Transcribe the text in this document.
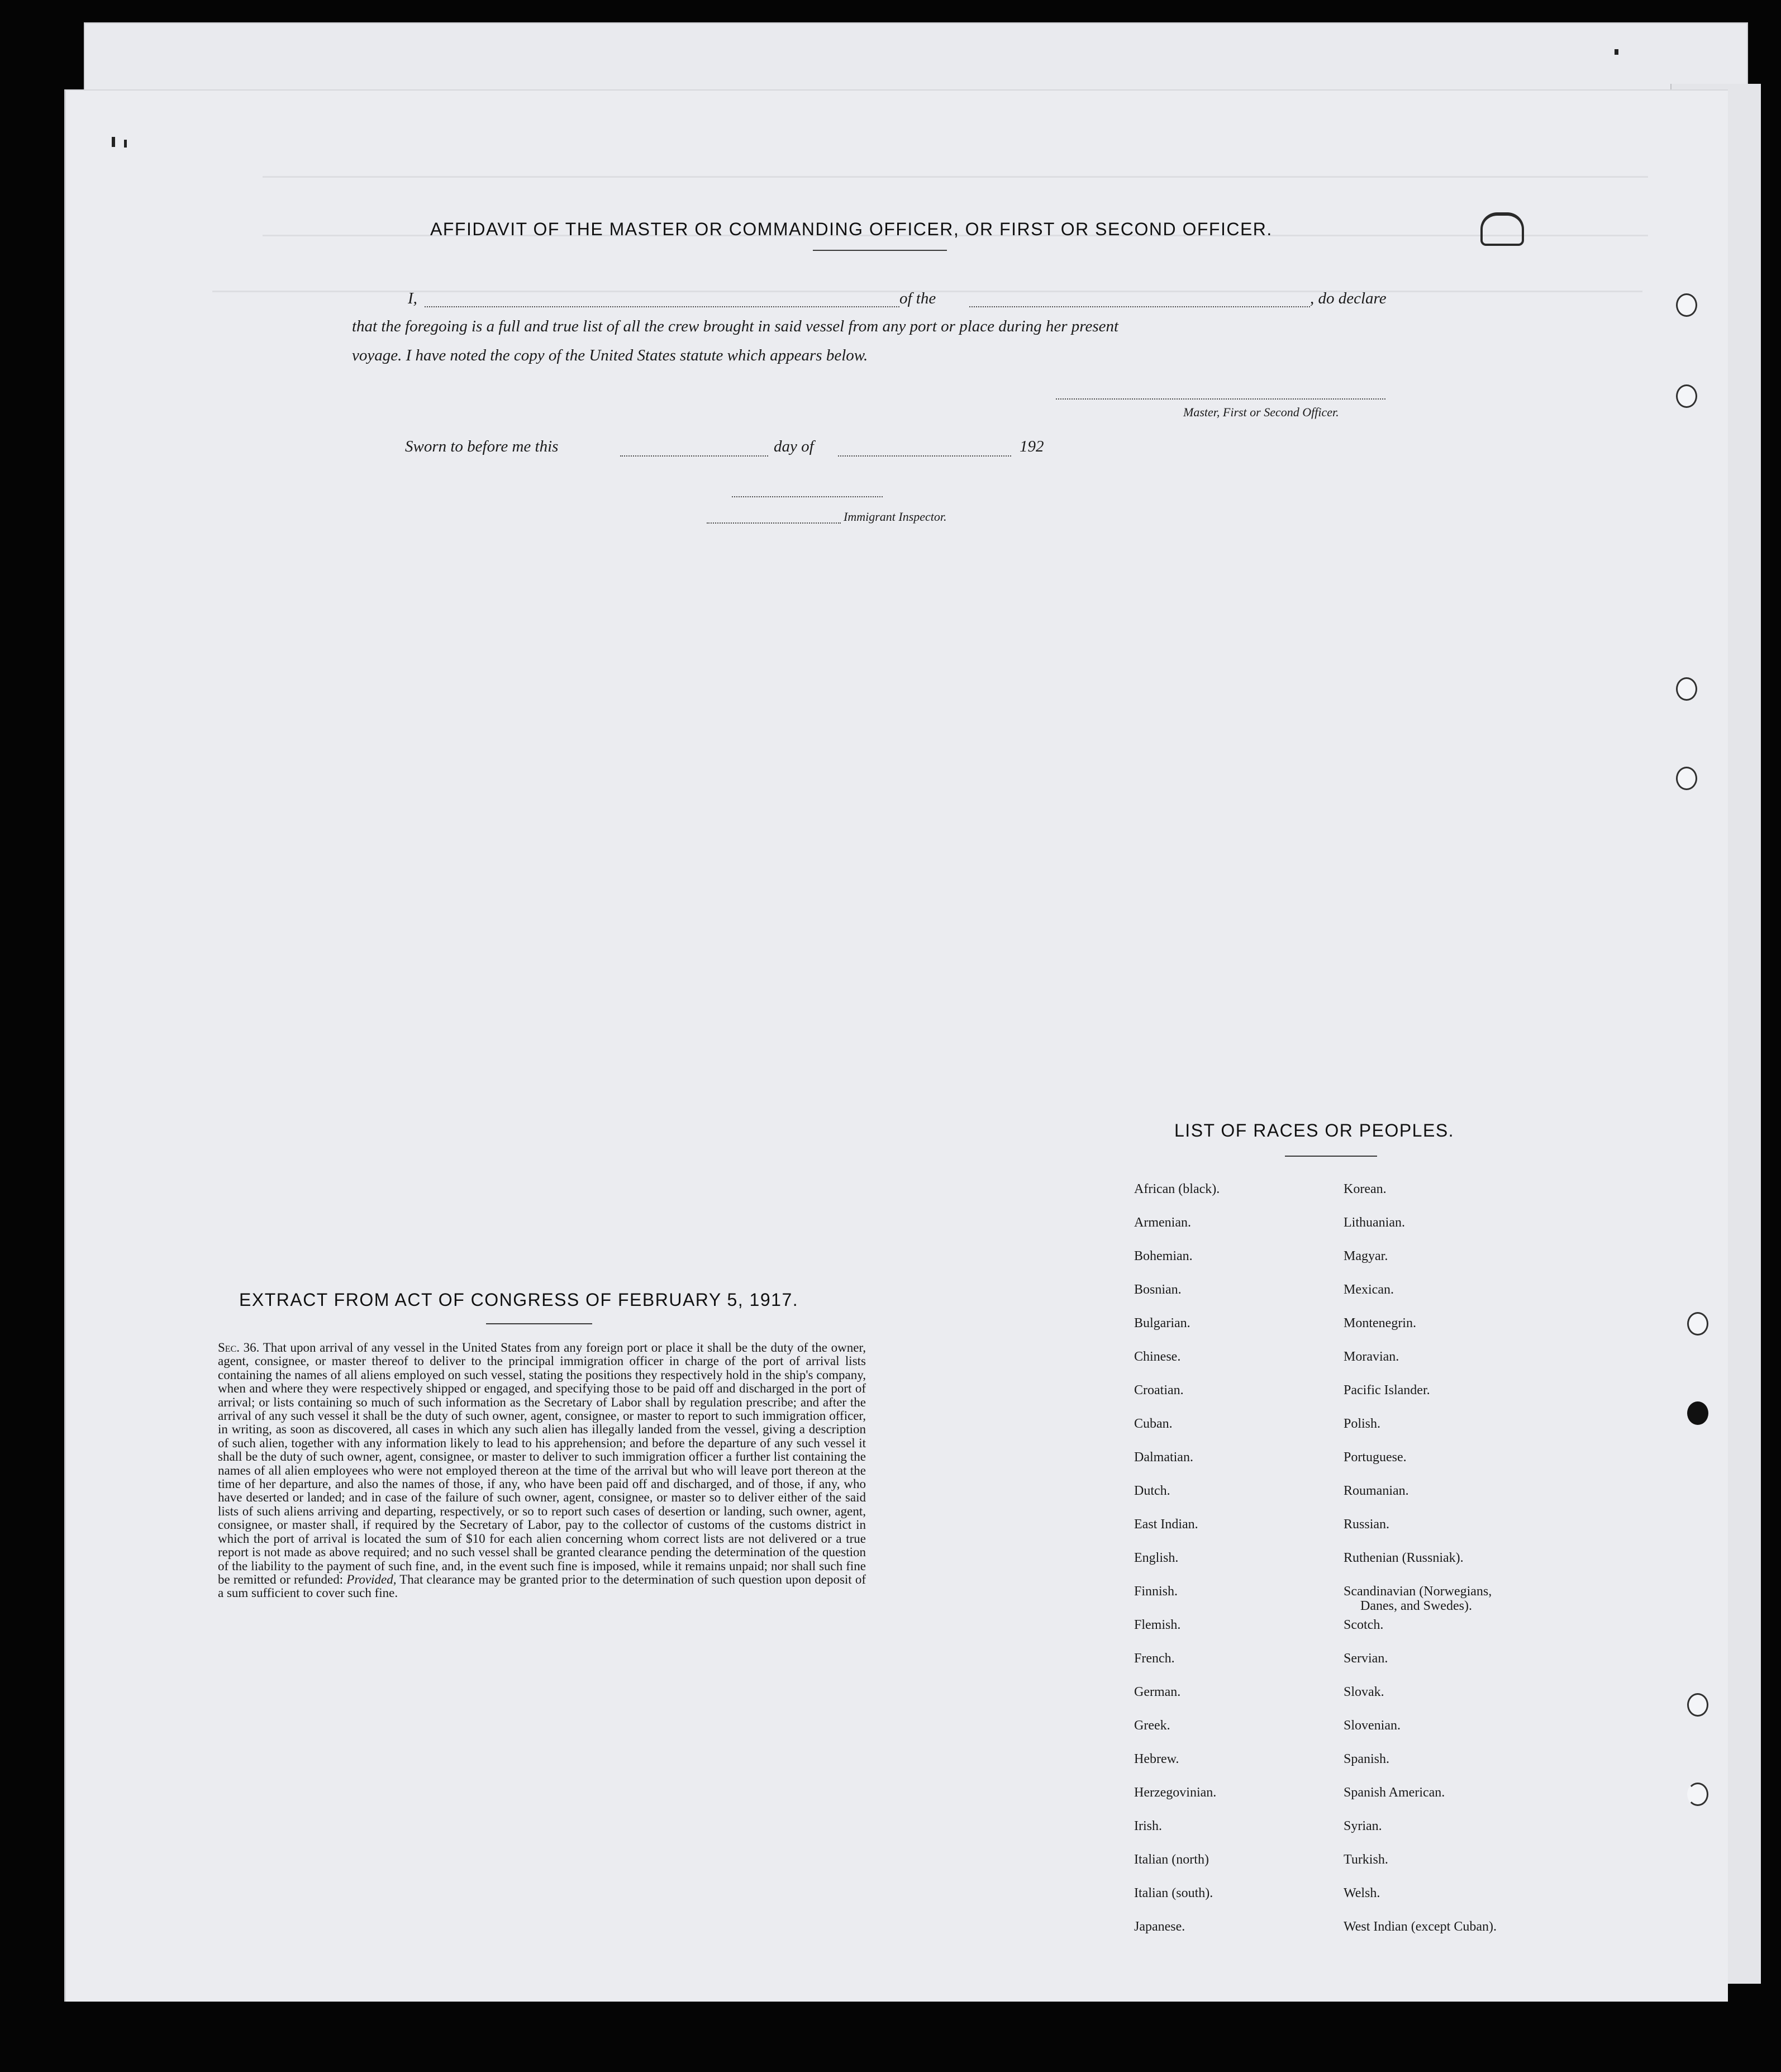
AFFIDAVIT OF THE MASTER OR COMMANDING OFFICER, OR FIRST OR SECOND OFFICER.
I,	of the	, do declare
that the foregoing is a full and true list of all the crew brought in said vessel from any port or place during her present
voyage. I have noted the copy of the United States statute which appears below.
Master, First or Second Officer.
Sworn to before me this	day of	192
Immigrant Inspector.
EXTRACT FROM ACT OF CONGRESS OF FEBRUARY 5, 1917.
Sec. 36. That upon arrival of any vessel in the United States from any foreign port or place it shall be the duty of the owner, agent, consignee, or master thereof to deliver to the principal immigration officer in charge of the port of arrival lists containing the names of all aliens employed on such vessel, stating the positions they respectively hold in the ship's company, when and where they were respectively shipped or engaged, and specifying those to be paid off and discharged in the port of arrival; or lists containing so much of such information as the Secretary of Labor shall by regulation prescribe; and after the arrival of any such vessel it shall be the duty of such owner, agent, consignee, or master to report to such immigration officer, in writing, as soon as discovered, all cases in which any such alien has illegally landed from the vessel, giving a description of such alien, together with any information likely to lead to his apprehension; and before the departure of any such vessel it shall be the duty of such owner, agent, consignee, or master to deliver to such immigration officer a further list containing the names of all alien employees who were not employed thereon at the time of the arrival but who will leave port thereon at the time of her departure, and also the names of those, if any, who have been paid off and discharged, and of those, if any, who have deserted or landed; and in case of the failure of such owner, agent, consignee, or master so to deliver either of the said lists of such aliens arriving and departing, respectively, or so to report such cases of desertion or landing, such owner, agent, consignee, or master shall, if required by the Secretary of Labor, pay to the collector of customs of the customs district in which the port of arrival is located the sum of $10 for each alien concerning whom correct lists are not delivered or a true report is not made as above required; and no such vessel shall be granted clearance pending the determination of the question of the liability to the payment of such fine, and, in the event such fine is imposed, while it remains unpaid; nor shall such fine be remitted or refunded: Provided, That clearance may be granted prior to the determination of such question upon deposit of a sum sufficient to cover such fine.
LIST OF RACES OR PEOPLES.
African (black).
Armenian.
Bohemian.
Bosnian.
Bulgarian.
Chinese.
Croatian.
Cuban.
Dalmatian.
Dutch.
East Indian.
English.
Finnish.
Flemish.
French.
German.
Greek.
Hebrew.
Herzegovinian.
Irish.
Italian (north)
Italian (south).
Japanese.
Korean.
Lithuanian.
Magyar.
Mexican.
Montenegrin.
Moravian.
Pacific Islander.
Polish.
Portuguese.
Roumanian.
Russian.
Ruthenian (Russniak).
Scandinavian (Norwegians,
Danes, and Swedes).
Scotch.
Servian.
Slovak.
Slovenian.
Spanish.
Spanish American.
Syrian.
Turkish.
Welsh.
West Indian (except Cuban).
